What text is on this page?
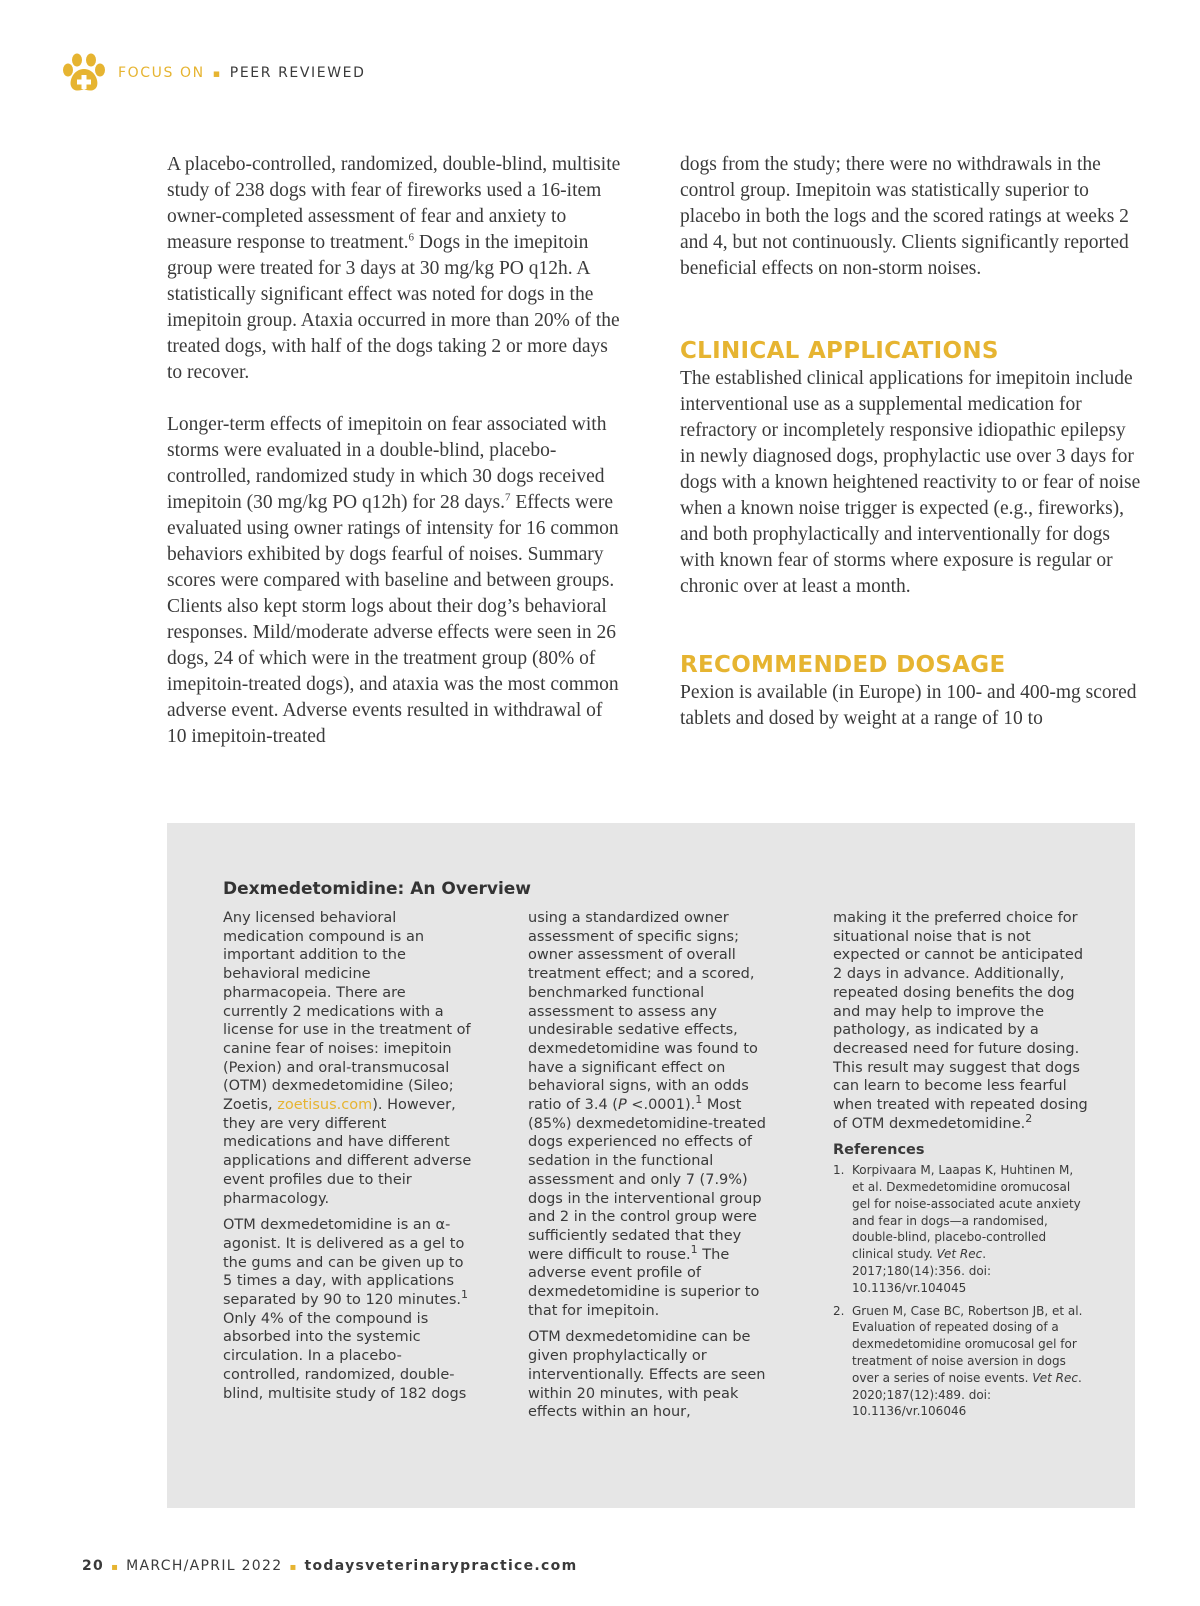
FOCUS ON ▪ PEER REVIEWED

A placebo-controlled, randomized, double-blind, multisite study of 238 dogs with fear of fireworks used a 16-item owner-completed assessment of fear and anxiety to measure response to treatment.$^6$ Dogs in the imepitoin group were treated for 3 days at 30 mg/kg PO q12h. A statistically significant effect was noted for dogs in the imepitoin group. Ataxia occurred in more than 20% of the treated dogs, with half of the dogs taking 2 or more days to recover.

Longer-term effects of imepitoin on fear associated with storms were evaluated in a double-blind, placebo-controlled, randomized study in which 30 dogs received imepitoin (30 mg/kg PO q12h) for 28 days.$^7$ Effects were evaluated using owner ratings of intensity for 16 common behaviors exhibited by dogs fearful of noises. Summary scores were compared with baseline and between groups. Clients also kept storm logs about their dog’s behavioral responses. Mild/moderate adverse effects were seen in 26 dogs, 24 of which were in the treatment group (80% of imepitoin-treated dogs), and ataxia was the most common adverse event. Adverse events resulted in withdrawal of 10 imepitoin-treated

dogs from the study; there were no withdrawals in the control group. Imepitoin was statistically superior to placebo in both the logs and the scored ratings at weeks 2 and 4, but not continuously. Clients significantly reported beneficial effects on non-storm noises.

CLINICAL APPLICATIONS

The established clinical applications for imepitoin include interventional use as a supplemental medication for refractory or incompletely responsive idiopathic epilepsy in newly diagnosed dogs, prophylactic use over 3 days for dogs with a known heightened reactivity to or fear of noise when a known noise trigger is expected (e.g., fireworks), and both prophylactically and interventionally for dogs with known fear of storms where exposure is regular or chronic over at least a month.

RECOMMENDED DOSAGE

Pexion is available (in Europe) in 100- and 400-mg scored tablets and dosed by weight at a range of 10 to

Dexmedetomidine: An Overview

Any licensed behavioral medication compound is an important addition to the behavioral medicine pharmacopeia. There are currently 2 medications with a license for use in the treatment of canine fear of noises: imepitoin (Pexion) and oral-transmucosal (OTM) dexmedetomidine (Sileo; Zoetis, zoetisus.com). However, they are very different medications and have different applications and different adverse event profiles due to their pharmacology.

OTM dexmedetomidine is an α-agonist. It is delivered as a gel to the gums and can be given up to 5 times a day, with applications separated by 90 to 120 minutes.$^1$ Only 4% of the compound is absorbed into the systemic circulation. In a placebo-controlled, randomized, double-blind, multisite study of 182 dogs

using a standardized owner assessment of specific signs; owner assessment of overall treatment effect; and a scored, benchmarked functional assessment to assess any undesirable sedative effects, dexmedetomidine was found to have a significant effect on behavioral signs, with an odds ratio of 3.4 (P <.0001).$^1$ Most (85%) dexmedetomidine-treated dogs experienced no effects of sedation in the functional assessment and only 7 (7.9%) dogs in the interventional group and 2 in the control group were sufficiently sedated that they were difficult to rouse.$^1$ The adverse event profile of dexmedetomidine is superior to that for imepitoin.

OTM dexmedetomidine can be given prophylactically or interventionally. Effects are seen within 20 minutes, with peak effects within an hour,

making it the preferred choice for situational noise that is not expected or cannot be anticipated 2 days in advance. Additionally, repeated dosing benefits the dog and may help to improve the pathology, as indicated by a decreased need for future dosing. This result may suggest that dogs can learn to become less fearful when treated with repeated dosing of OTM dexmedetomidine.$^2$

References
1. Korpivaara M, Laapas K, Huhtinen M, et al. Dexmedetomidine oromucosal gel for noise-associated acute anxiety and fear in dogs—a randomised, double-blind, placebo-controlled clinical study. Vet Rec. 2017;180(14):356. doi: 10.1136/vr.104045
2. Gruen M, Case BC, Robertson JB, et al. Evaluation of repeated dosing of a dexmedetomidine oromucosal gel for treatment of noise aversion in dogs over a series of noise events. Vet Rec. 2020;187(12):489. doi: 10.1136/vr.106046
20 ▪ MARCH/APRIL 2022 ▪ todaysveterinarypractice.com
